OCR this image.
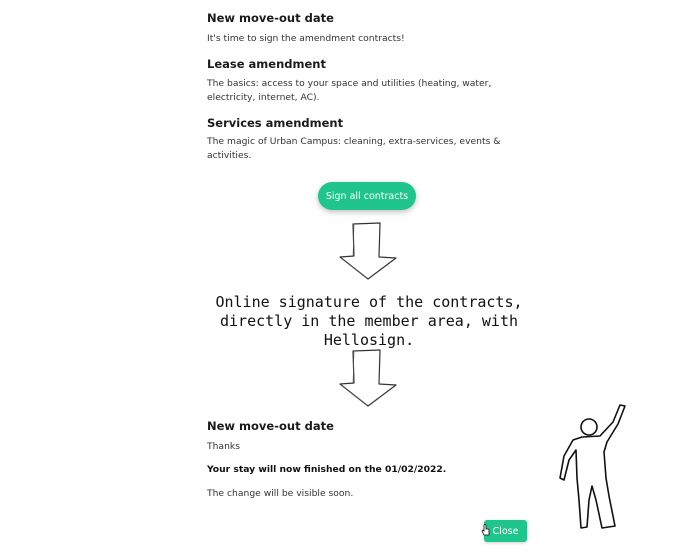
New move-out date
It's time to sign the amendment contracts!
Lease amendment
The basics: access to your space and utilities (heating, water, electricity, internet, AC).
Services amendment
The magic of Urban Campus: cleaning, extra-services, events & activities.
Sign all contracts
Online signature of the contracts, directly in the member area, with Hellosign.
New move-out date
Thanks
Your stay will now finished on the 01/02/2022.
The change will be visible soon.
Close
